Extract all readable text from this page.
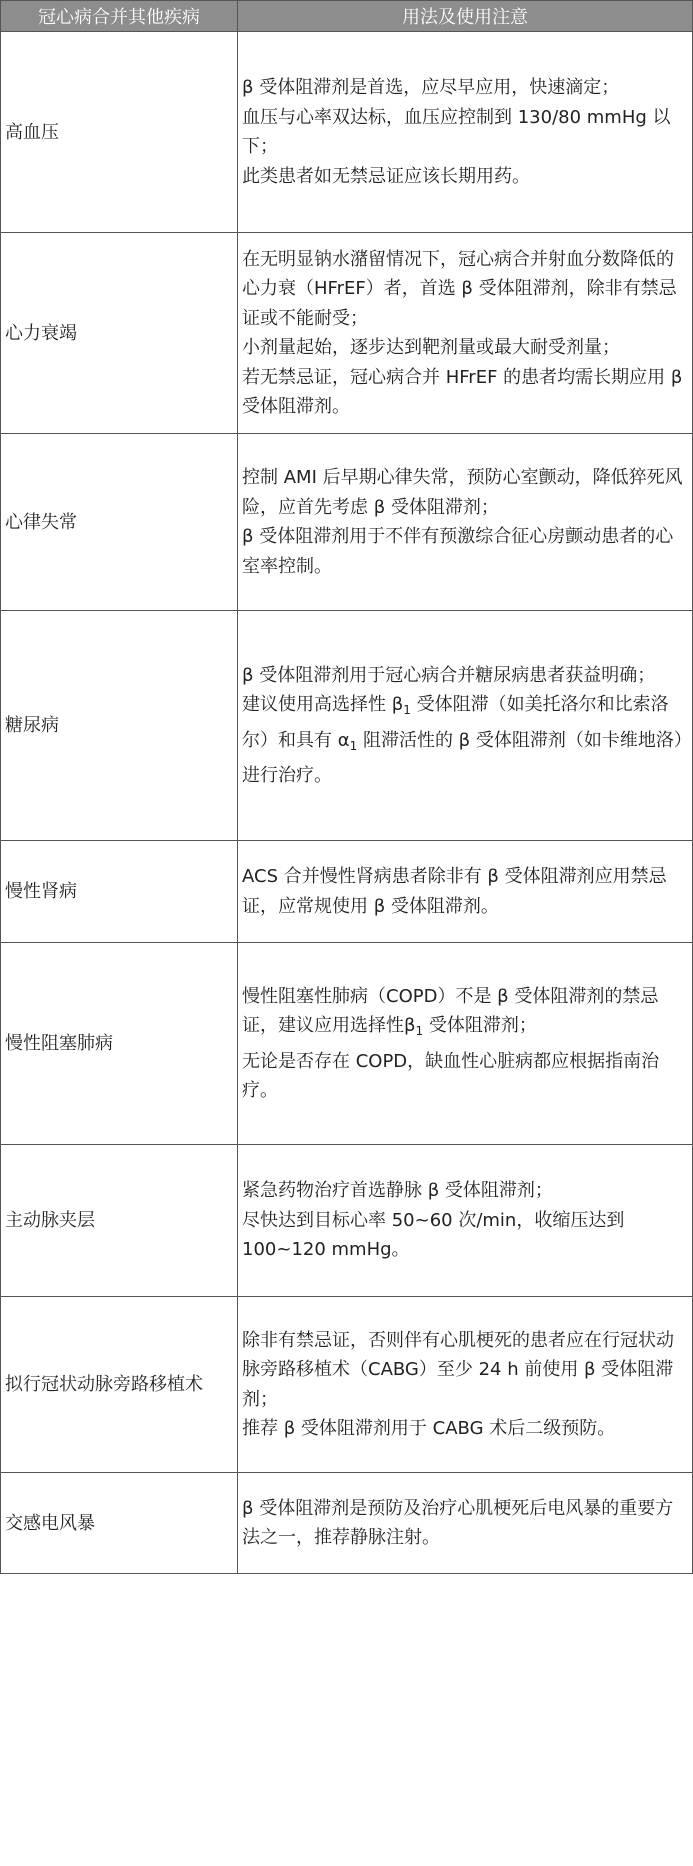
冠心病合并其他疾病	用法及使用注意
高血压	β 受体阻滞剂是首选，应尽早应用，快速滴定；

血压与心率双达标，血压应控制到 130/80 mmHg 以下；

此类患者如无禁忌证应该长期用药。

心力衰竭	在无明显钠水潴留情况下，冠心病合并射血分数降低的心力衰（HFrEF）者，首选 β 受体阻滞剂，除非有禁忌证或不能耐受；

小剂量起始，逐步达到靶剂量或最大耐受剂量；

若无禁忌证，冠心病合并 HFrEF 的患者均需长期应用 β 受体阻滞剂。

心律失常	控制 AMI 后早期心律失常，预防心室颤动，降低猝死风险，应首先考虑 β 受体阻滞剂；

β 受体阻滞剂用于不伴有预激综合征心房颤动患者的心室率控制。

糖尿病	β 受体阻滞剂用于冠心病合并糖尿病患者获益明确；

建议使用高选择性 $\beta_1$ 受体阻滞（如美托洛尔和比索洛尔）和具有 $\alpha_1$ 阻滞活性的 β 受体阻滞剂（如卡维地洛）进行治疗。

慢性肾病	ACS 合并慢性肾病患者除非有 β 受体阻滞剂应用禁忌证，应常规使用 β 受体阻滞剂。

慢性阻塞肺病	慢性阻塞性肺病（COPD）不是 β 受体阻滞剂的禁忌证，建议应用选择性$\beta_1$ 受体阻滞剂；

无论是否存在 COPD，缺血性心脏病都应根据指南治疗。

主动脉夹层	紧急药物治疗首选静脉 β 受体阻滞剂；

尽快达到目标心率 50~60 次/min，收缩压达到 100~120 mmHg。

拟行冠状动脉旁路移植术	除非有禁忌证，否则伴有心肌梗死的患者应在行冠状动脉旁路移植术（CABG）至少 24 h 前使用 β 受体阻滞剂；

推荐 β 受体阻滞剂用于 CABG 术后二级预防。

交感电风暴	β 受体阻滞剂是预防及治疗心肌梗死后电风暴的重要方法之一，推荐静脉注射。
